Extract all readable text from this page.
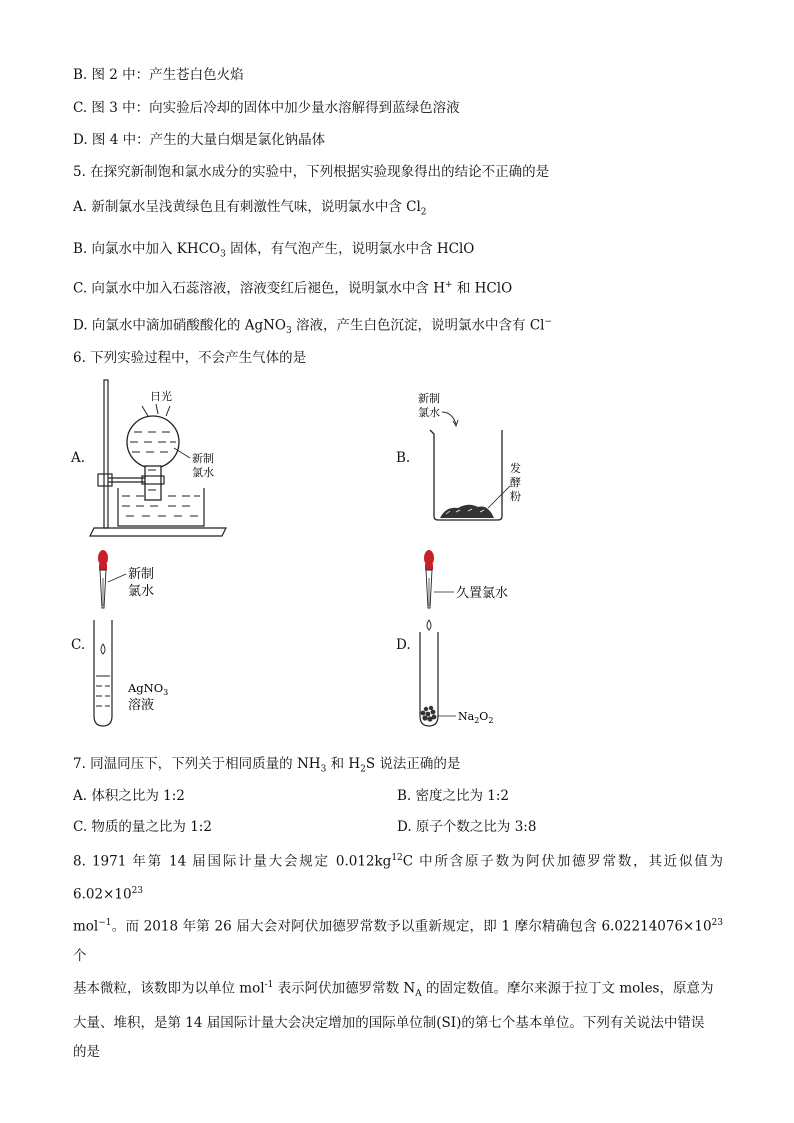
B. 图 2 中：产生苍白色火焰
C. 图 3 中：向实验后冷却的固体中加少量水溶解得到蓝绿色溶液
D. 图 4 中：产生的大量白烟是氯化钠晶体
5. 在探究新制饱和氯水成分的实验中，下列根据实验现象得出的结论不正确的是
A. 新制氯水呈浅黄绿色且有刺激性气味，说明氯水中含 $Cl_2$
B. 向氯水中加入 $KHCO_3$ 固体，有气泡产生，说明氯水中含 HClO
C. 向氯水中加入石蕊溶液，溶液变红后褪色，说明氯水中含 H+ 和 HClO
D. 向氯水中滴加硝酸酸化的 AgNO$_3$ 溶液，产生白色沉淀，说明氯水中含有 Cl−
6. 下列实验过程中，不会产生气体的是
A.	B.
C.	D.
日光
新制
氯水
新制
氯水
发
酵
粉
新制
氯水
AgNO$_3$
溶液
久置氯水
$Na_2O_2$
7. 同温同压下，下列关于相同质量的 $NH_3$ 和 $H_2S$ 说法正确的是
A. 体积之比为 1:2	B. 密度之比为 1:2
C. 物质的量之比为 1:2	D. 原子个数之比为 3:8
8. 1971 年第 14 届国际计量大会规定 $0.012kg^{12}C$ 中所含原子数为阿伏加德罗常数，其近似值为 $6.02\times 10^{23}$
mol$^{-1}$。而 2018 年第 26 届大会对阿伏加德罗常数予以重新规定，即 1 摩尔精确包含 $6.02214076\times 10^{23}$ 个
基本微粒，该数即为以单位 mol$^{-1}$ 表示阿伏加德罗常数 $N_A$ 的固定数值。摩尔来源于拉丁文 moles，原意为
大量、堆积，是第 14 届国际计量大会决定增加的国际单位制(SI)的第七个基本单位。下列有关说法中错误
的是
